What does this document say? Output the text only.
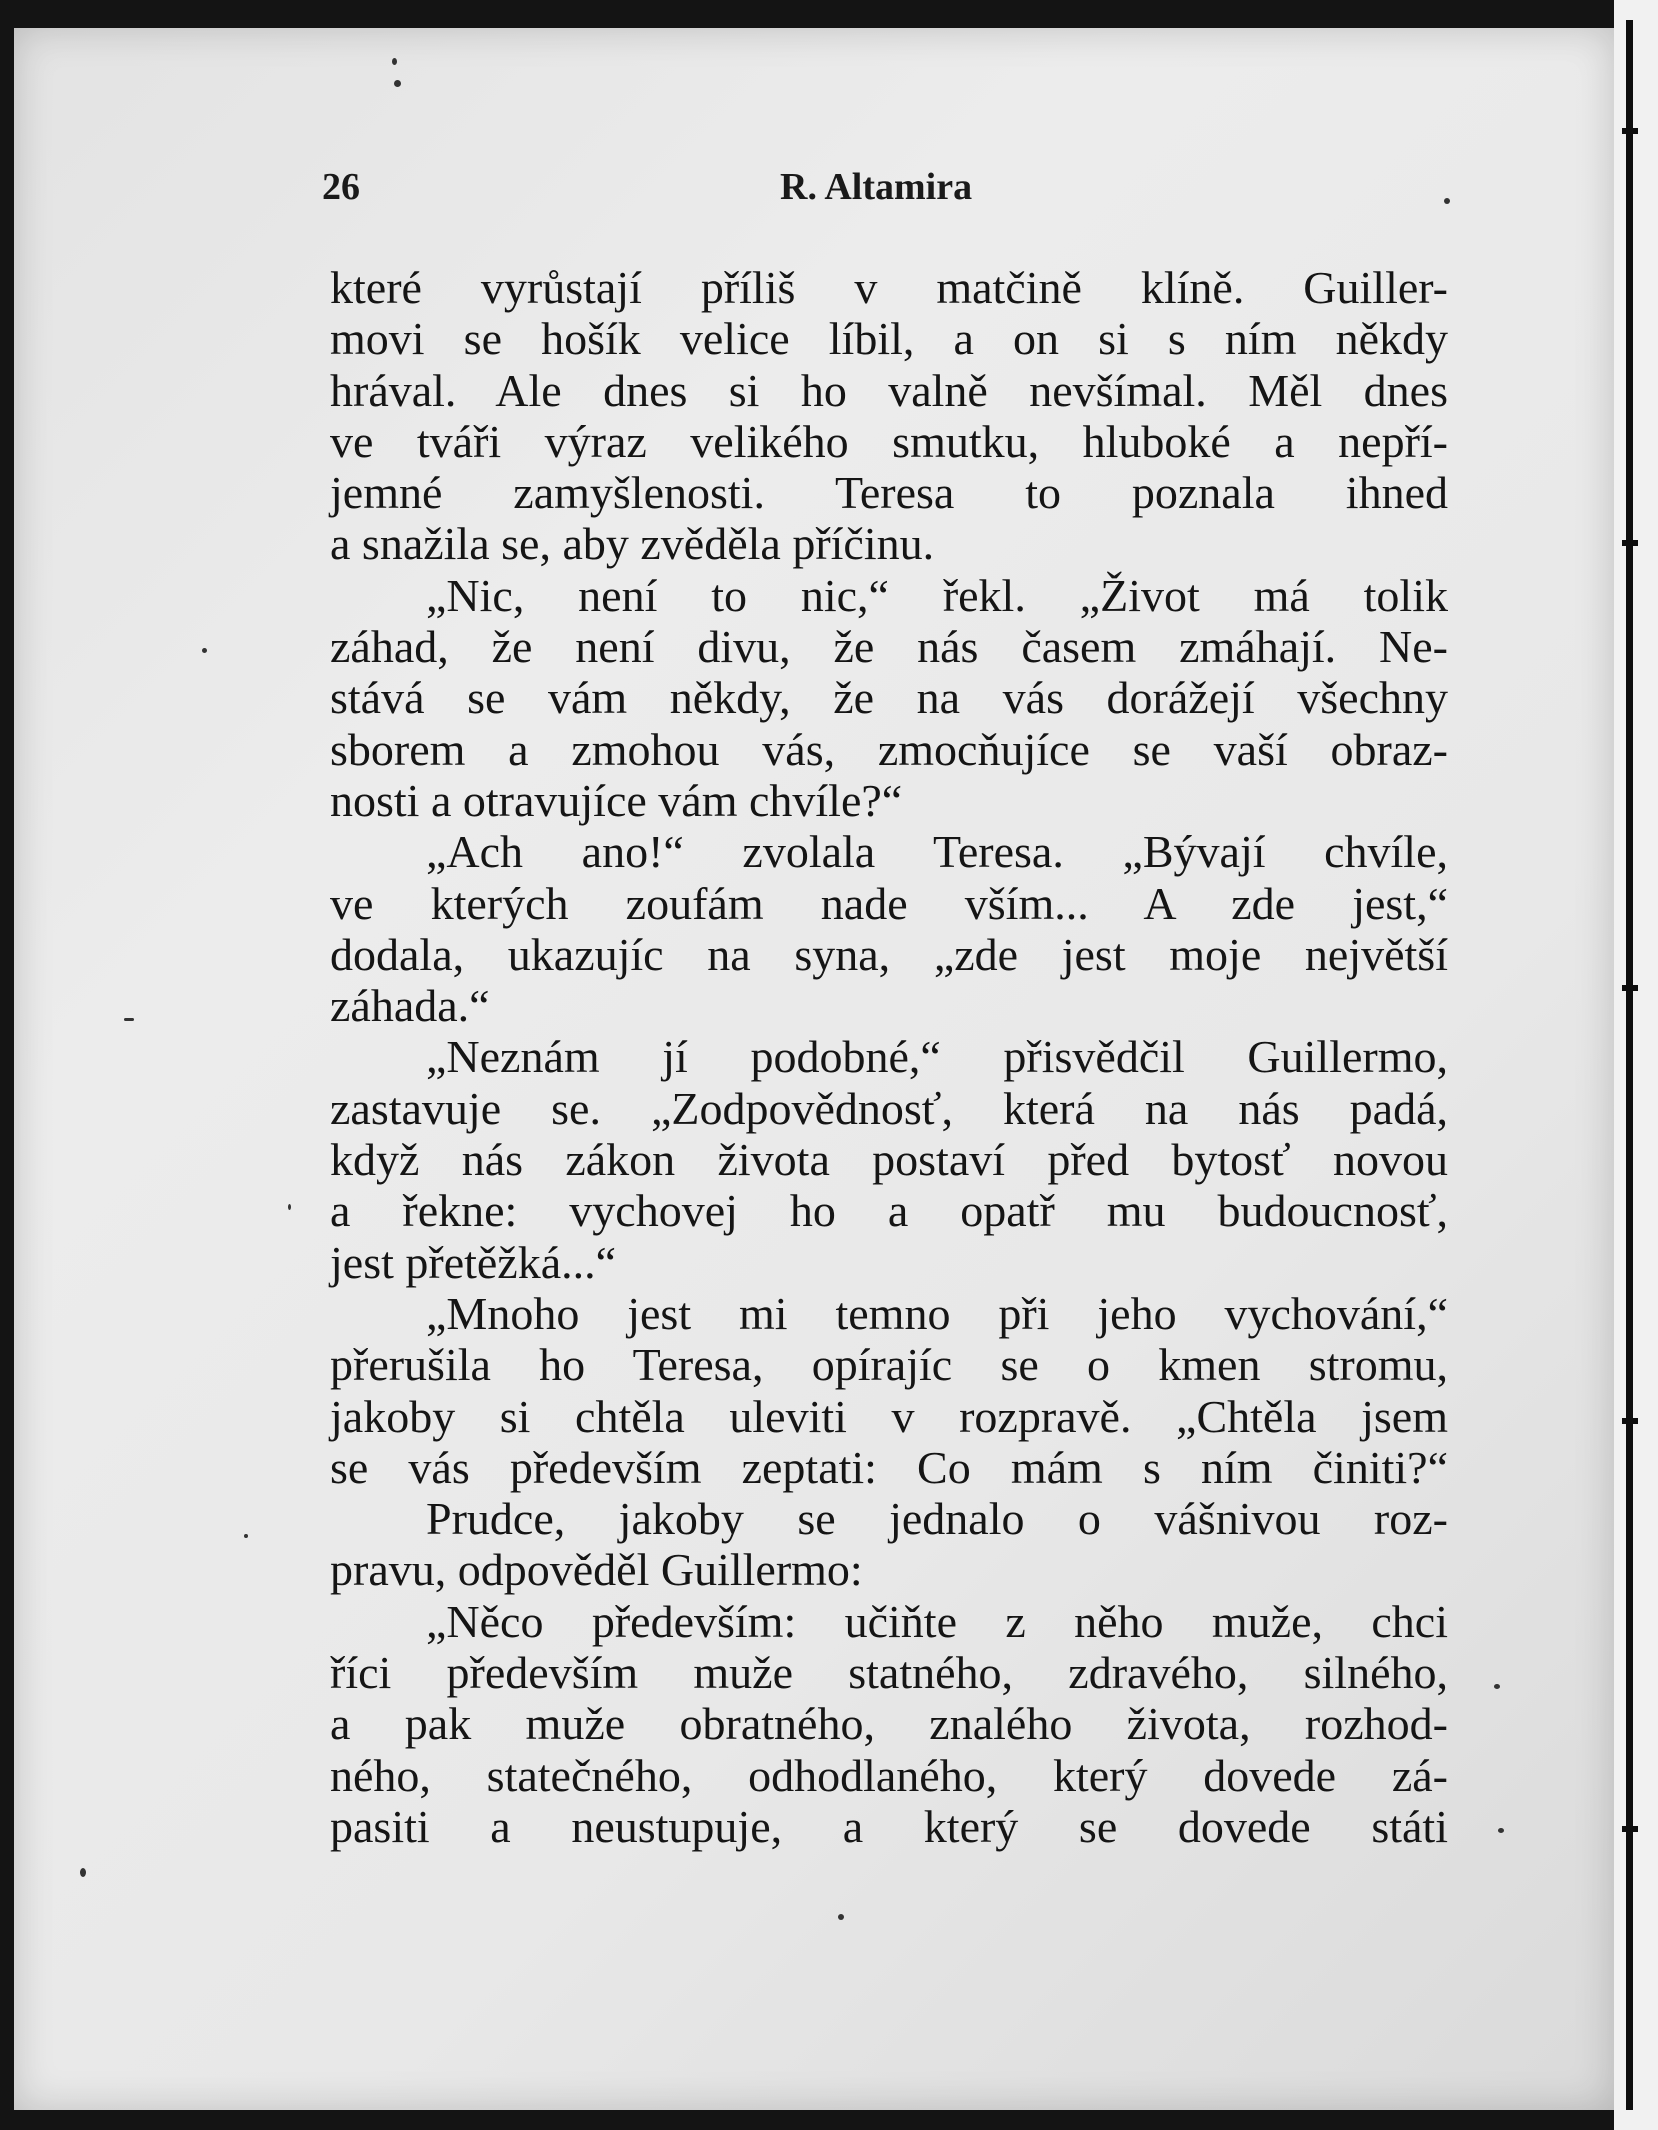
26	R. Altamira
které vyrůstají příliš v matčině klíně. Guiller-
movi se hošík velice líbil, a on si s ním někdy
hrával. Ale dnes si ho valně nevšímal. Měl dnes
ve tváři výraz velikého smutku, hluboké a nepří-
jemné zamyšlenosti. Teresa to poznala ihned
a snažila se, aby zvěděla příčinu.
„Nic, není to nic,“ řekl. „Život má tolik
záhad, že není divu, že nás časem zmáhají. Ne-
stává se vám někdy, že na vás dorážejí všechny
sborem a zmohou vás, zmocňujíce se vaší obraz-
nosti a otravujíce vám chvíle?“
„Ach ano!“ zvolala Teresa. „Bývají chvíle,
ve kterých zoufám nade vším... A zde jest,“
dodala, ukazujíc na syna, „zde jest moje největší
záhada.“
„Neznám jí podobné,“ přisvědčil Guillermo,
zastavuje se. „Zodpovědnosť, která na nás padá,
když nás zákon života postaví před bytosť novou
a řekne: vychovej ho a opatř mu budoucnosť,
jest přetěžká...“
„Mnoho jest mi temno při jeho vychování,“
přerušila ho Teresa, opírajíc se o kmen stromu,
jakoby si chtěla uleviti v rozpravě. „Chtěla jsem
se vás především zeptati: Co mám s ním činiti?“
Prudce, jakoby se jednalo o vášnivou roz-
pravu, odpověděl Guillermo:
„Něco především: učiňte z něho muže, chci
říci především muže statného, zdravého, silného,
a pak muže obratného, znalého života, rozhod-
ného, statečného, odhodlaného, který dovede zá-
pasiti a neustupuje, a který se dovede státi
